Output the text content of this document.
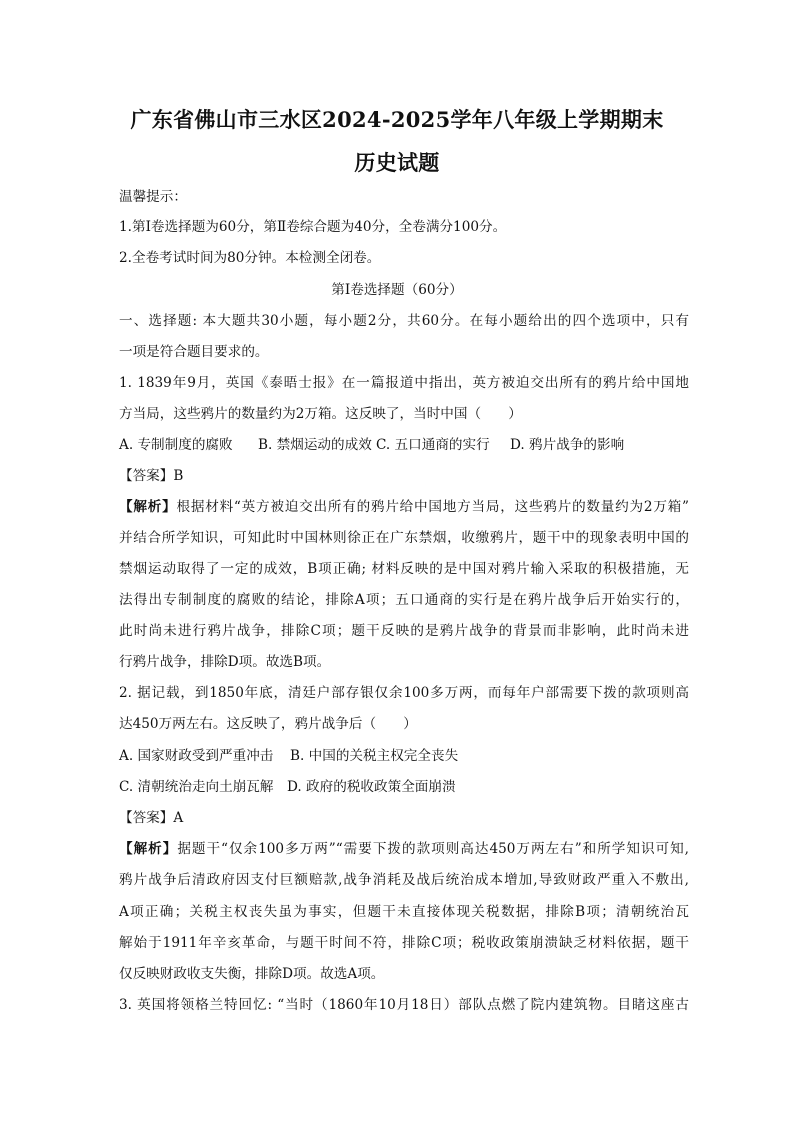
广东省佛山市三水区2024-2025学年八年级上学期期末
历史试题
温馨提示：
1.第Ⅰ卷选择题为60分，第Ⅱ卷综合题为40分，全卷满分100分。
2.全卷考试时间为80分钟。本检测全闭卷。
第Ⅰ卷选择题（60分）
一、选择题: 本大题共30小题，每小题2分，共60分。在每小题给出的四个选项中，只有
一项是符合题目要求的。
1. 1839年9月，英国《泰晤士报》在一篇报道中指出，英方被迫交出所有的鸦片给中国地
方当局，这些鸦片的数量约为2万箱。这反映了，当时中国（　　）
A. 专制制度的腐败 B. 禁烟运动的成效 C. 五口通商的实行 D. 鸦片战争的影响
【答案】B
【解析】根据材料“英方被迫交出所有的鸦片给中国地方当局，这些鸦片的数量约为2万箱”
并结合所学知识，可知此时中国林则徐正在广东禁烟，收缴鸦片，题干中的现象表明中国的
禁烟运动取得了一定的成效，B项正确; 材料反映的是中国对鸦片输入采取的积极措施，无
法得出专制制度的腐败的结论，排除A项；五口通商的实行是在鸦片战争后开始实行的，
此时尚未进行鸦片战争，排除C项；题干反映的是鸦片战争的背景而非影响，此时尚未进
行鸦片战争，排除D项。故选B项。
2. 据记载，到1850年底，清廷户部存银仅余100多万两，而每年户部需要下拨的款项则高
达450万两左右。这反映了，鸦片战争后（　　）
A. 国家财政受到严重冲击 B. 中国的关税主权完全丧失
C. 清朝统治走向土崩瓦解 D. 政府的税收政策全面崩溃
【答案】A
【解析】据题干“仅余100多万两”“需要下拨的款项则高达450万两左右”和所学知识可知,
鸦片战争后清政府因支付巨额赔款,战争消耗及战后统治成本增加,导致财政严重入不敷出,
A项正确；关税主权丧失虽为事实，但题干未直接体现关税数据，排除B项；清朝统治瓦
解始于1911年辛亥革命，与题干时间不符，排除C项；税收政策崩溃缺乏材料依据，题干
仅反映财政收支失衡，排除D项。故选A项。
3. 英国将领格兰特回忆: “当时（1860年10月18日）部队点燃了院内建筑物。目睹这座古
